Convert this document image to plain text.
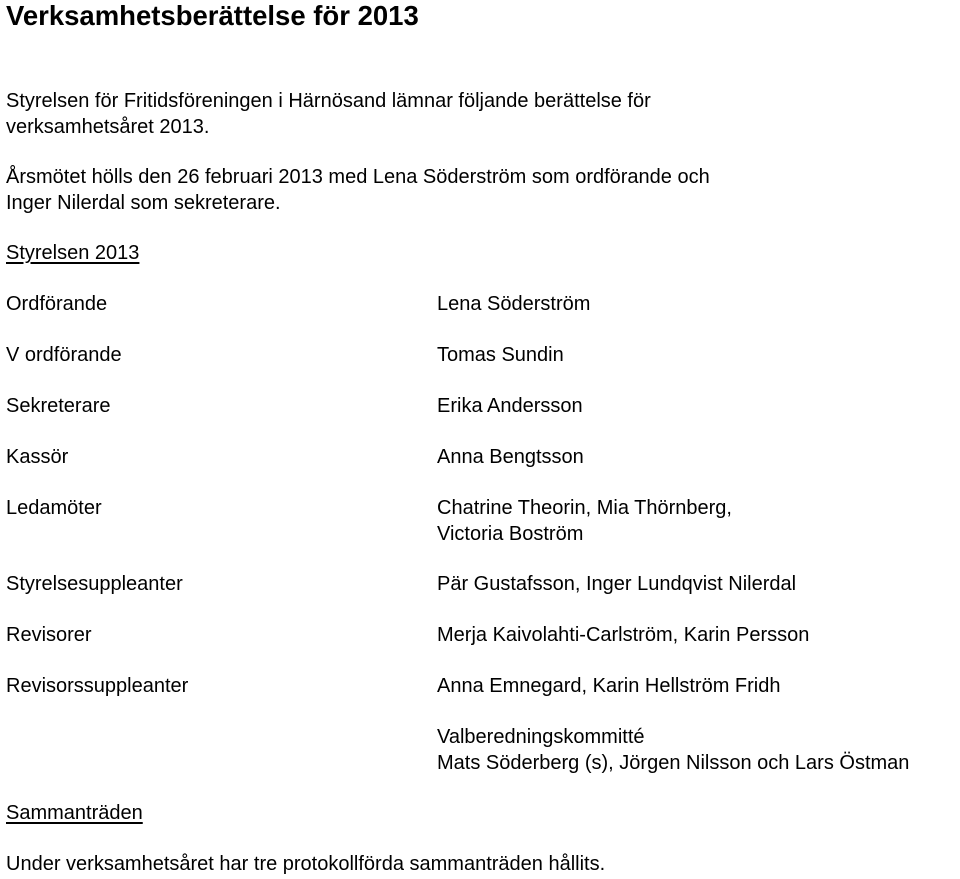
Verksamhetsberättelse för 2013
Styrelsen för Fritidsföreningen i Härnösand lämnar följande berättelse för
verksamhetsåret 2013.
Årsmötet hölls den 26 februari 2013 med Lena Söderström som ordförande och
Inger Nilerdal som sekreterare.
Styrelsen 2013
Ordförande	Lena Söderström
V ordförande	Tomas Sundin
Sekreterare	Erika Andersson
Kassör	Anna Bengtsson
Ledamöter	Chatrine Theorin, Mia Thörnberg,
Victoria Boström
Styrelsesuppleanter	Pär Gustafsson, Inger Lundqvist Nilerdal
Revisorer	Merja Kaivolahti-Carlström, Karin Persson
Revisorssuppleanter	Anna Emnegard, Karin Hellström Fridh
Valberedningskommitté
Mats Söderberg (s), Jörgen Nilsson och Lars Östman
Sammanträden
Under verksamhetsåret har tre protokollförda sammanträden hållits.
